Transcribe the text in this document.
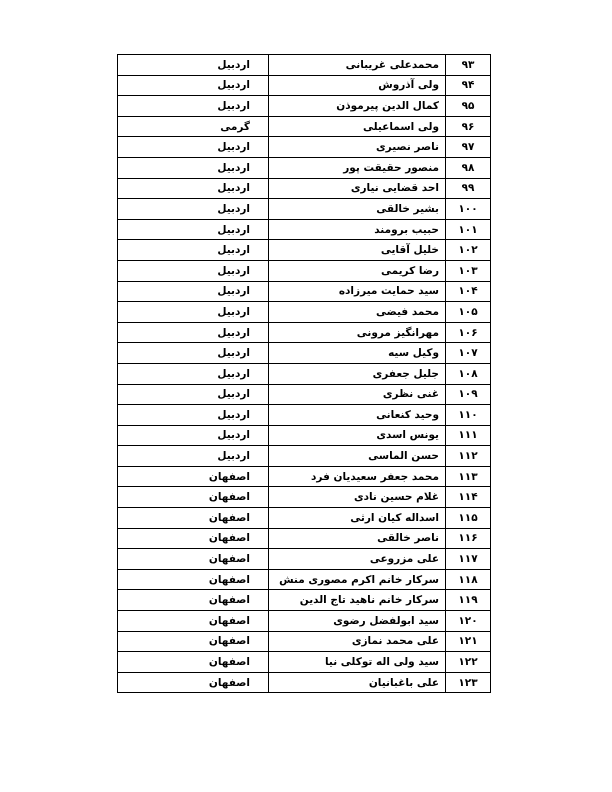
۹۳	محمدعلی غریبانی	اردبیل
۹۴	ولی آذروش	اردبیل
۹۵	کمال الدین پیرموذن	اردبیل
۹۶	ولی اسماعیلی	گرمی
۹۷	ناصر نصیری	اردبیل
۹۸	منصور حقیقت پور	اردبیل
۹۹	احد قضایی نیاری	اردبیل
۱۰۰	بشیر خالقی	اردبیل
۱۰۱	حبیب برومند	اردبیل
۱۰۲	خلیل آقایی	اردبیل
۱۰۳	رضا کریمی	اردبیل
۱۰۴	سید حمایت میرزاده	اردبیل
۱۰۵	محمد فیضی	اردبیل
۱۰۶	مهرانگیز مرونی	اردبیل
۱۰۷	وکیل سیه	اردبیل
۱۰۸	جلیل جعفری	اردبیل
۱۰۹	غنی نظری	اردبیل
۱۱۰	وحید کنعانی	اردبیل
۱۱۱	یونس اسدی	اردبیل
۱۱۲	حسن الماسی	اردبیل
۱۱۳	محمد جعفر سعیدیان فرد	اصفهان
۱۱۴	غلام حسین نادی	اصفهان
۱۱۵	اسداله کیان ارثی	اصفهان
۱۱۶	ناصر خالقی	اصفهان
۱۱۷	علی مزروعی	اصفهان
۱۱۸	سرکار خانم اکرم مصوری منش	اصفهان
۱۱۹	سرکار خانم ناهید تاج الدین	اصفهان
۱۲۰	سید ابولفضل رضوی	اصفهان
۱۲۱	علی محمد نمازی	اصفهان
۱۲۲	سید ولی اله توکلی نیا	اصفهان
۱۲۳	علی باغبانیان	اصفهان
